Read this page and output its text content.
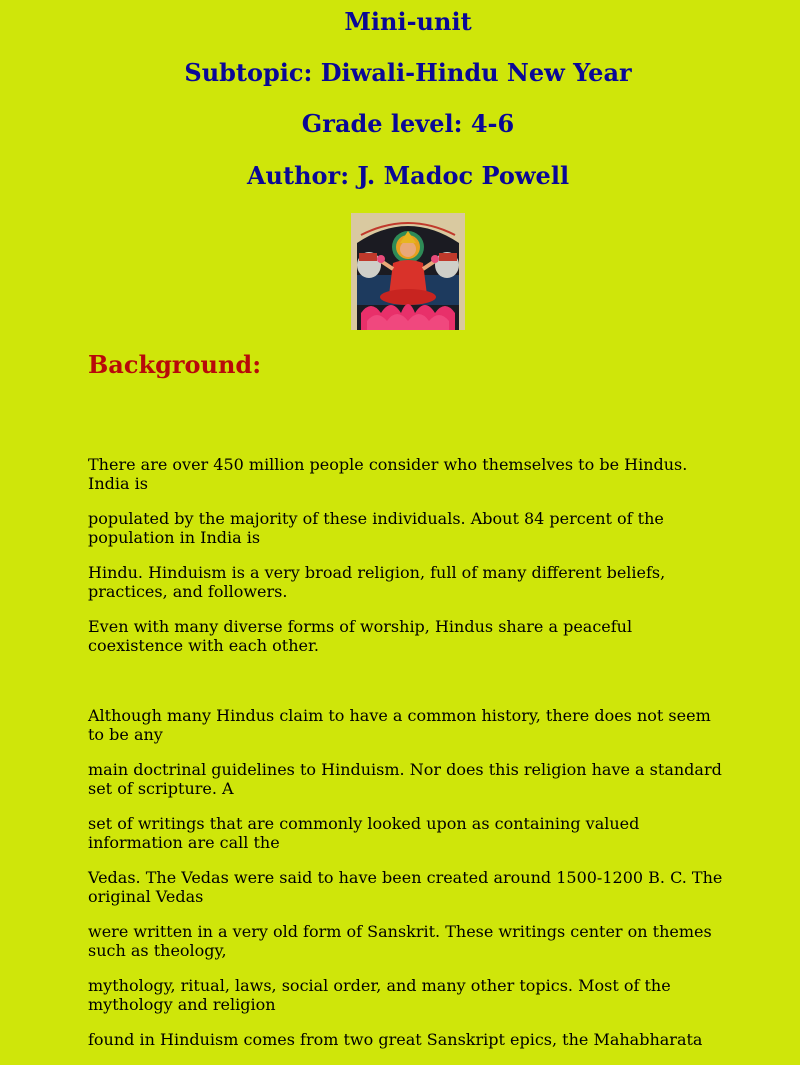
Mini-unit
Subtopic: Diwali-Hindu New Year
Grade level: 4-6
Author: J. Madoc Powell
Background:

There are over 450 million people consider who themselves to be Hindus. India is

populated by the majority of these individuals. About 84 percent of the population in India is

Hindu. Hinduism is a very broad religion, full of many different beliefs, practices, and followers.

Even with many diverse forms of worship, Hindus share a peaceful coexistence with each other.

Although many Hindus claim to have a common history, there does not seem to be any

main doctrinal guidelines to Hinduism. Nor does this religion have a standard set of scripture. A

set of writings that are commonly looked upon as containing valued information are call the

Vedas. The Vedas were said to have been created around 1500-1200 B. C. The original Vedas

were written in a very old form of Sanskrit. These writings center on themes such as theology,

mythology, ritual, laws, social order, and many other topics. Most of the mythology and religion

found in Hinduism comes from two great Sanskript epics, the Mahabharata
